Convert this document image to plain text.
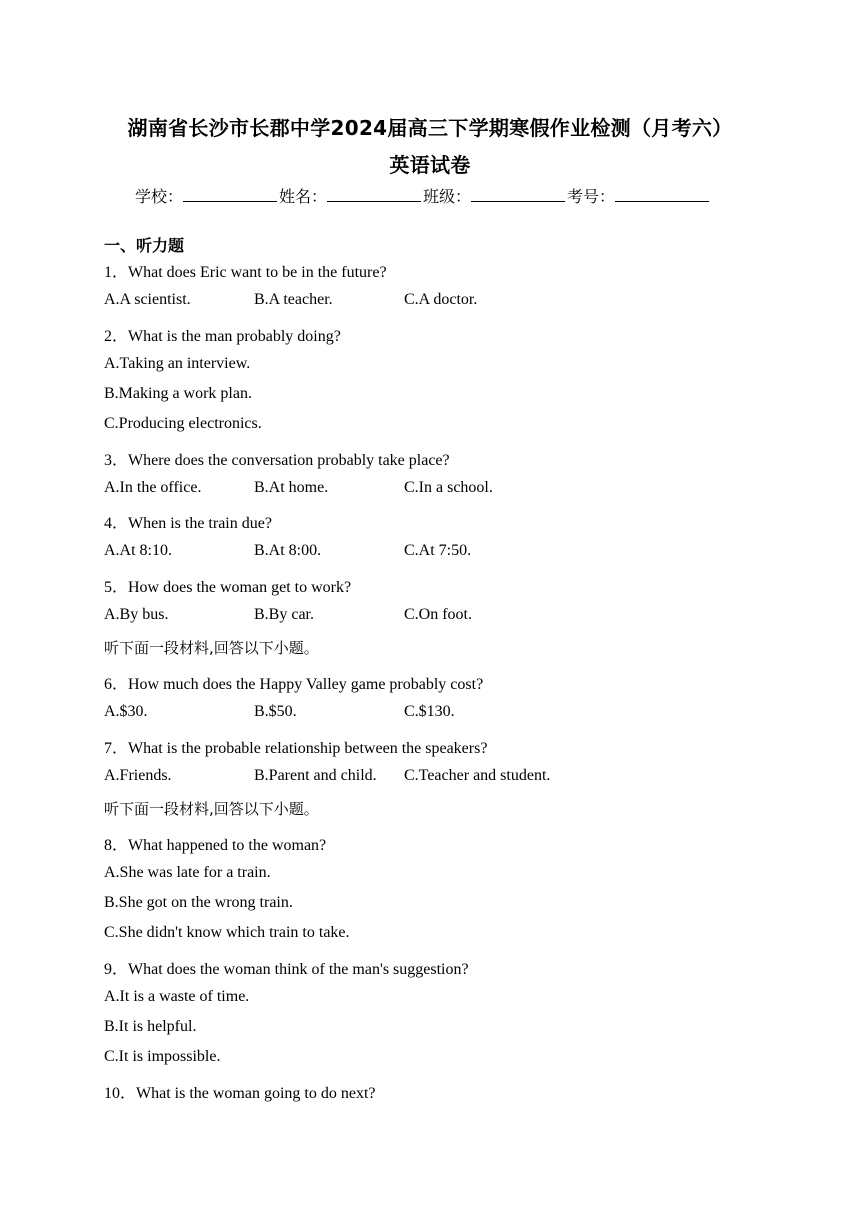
湖南省长沙市长郡中学2024届高三下学期寒假作业检测（月考六）
英语试卷
学校：	姓名：	班级：	考号：
一、听力题
1．What does Eric want to be in the future?
A.A scientist.	B.A teacher.	C.A doctor.
2．What is the man probably doing?
A.Taking an interview.
B.Making a work plan.
C.Producing electronics.
3．Where does the conversation probably take place?
A.In the office.	B.At home.	C.In a school.
4．When is the train due?
A.At 8:10.	B.At 8:00.	C.At 7:50.
5．How does the woman get to work?
A.By bus.	B.By car.	C.On foot.
听下面一段材料,回答以下小题。
6．How much does the Happy Valley game probably cost?
A.$30.	B.$50.	C.$130.
7．What is the probable relationship between the speakers?
A.Friends.	B.Parent and child. C.Teacher and student.
听下面一段材料,回答以下小题。
8．What happened to the woman?
A.She was late for a train.
B.She got on the wrong train.
C.She didn't know which train to take.
9．What does the woman think of the man's suggestion?
A.It is a waste of time.
B.It is helpful.
C.It is impossible.
10．What is the woman going to do next?
